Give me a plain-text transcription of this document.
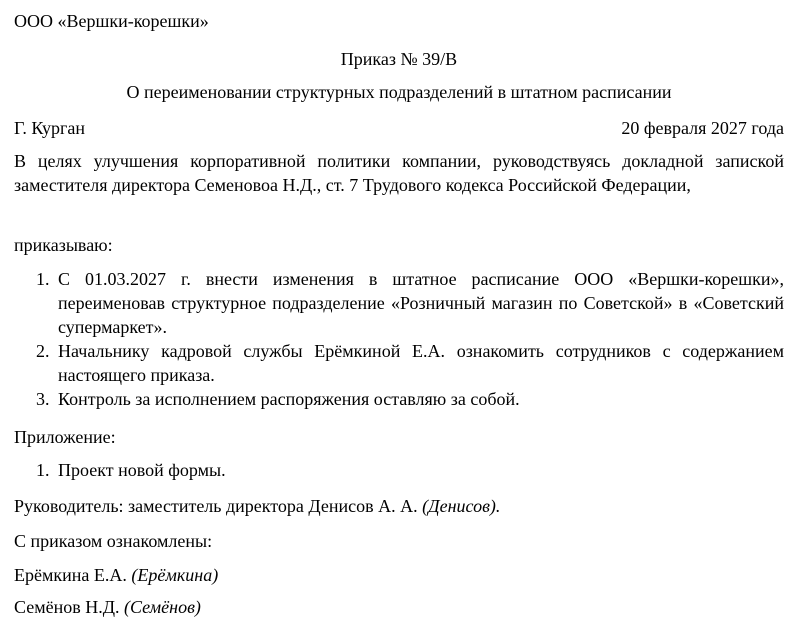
ООО «Вершки-корешки»
Приказ № 39/В
О переименовании структурных подразделений в штатном расписании
Г. Курган	20 февраля 2027 года
В целях улучшения корпоративной политики компании, руководствуясь докладной запиской заместителя директора Семеновоа Н.Д., ст. 7 Трудового кодекса Российской Федерации,
приказываю:
1. С 01.03.2027 г. внести изменения в штатное расписание ООО «Вершки-корешки», переименовав структурное подразделение «Розничный магазин по Советской» в «Советский супермаркет».
2. Начальнику кадровой службы Ерёмкиной Е.А. ознакомить сотрудников с содержанием настоящего приказа.
3. Контроль за исполнением распоряжения оставляю за собой.
Приложение:
1. Проект новой формы.
Руководитель: заместитель директора Денисов А. А. (Денисов).
С приказом ознакомлены:
Ерёмкина Е.А. (Ерёмкина)
Семёнов Н.Д. (Семёнов)
